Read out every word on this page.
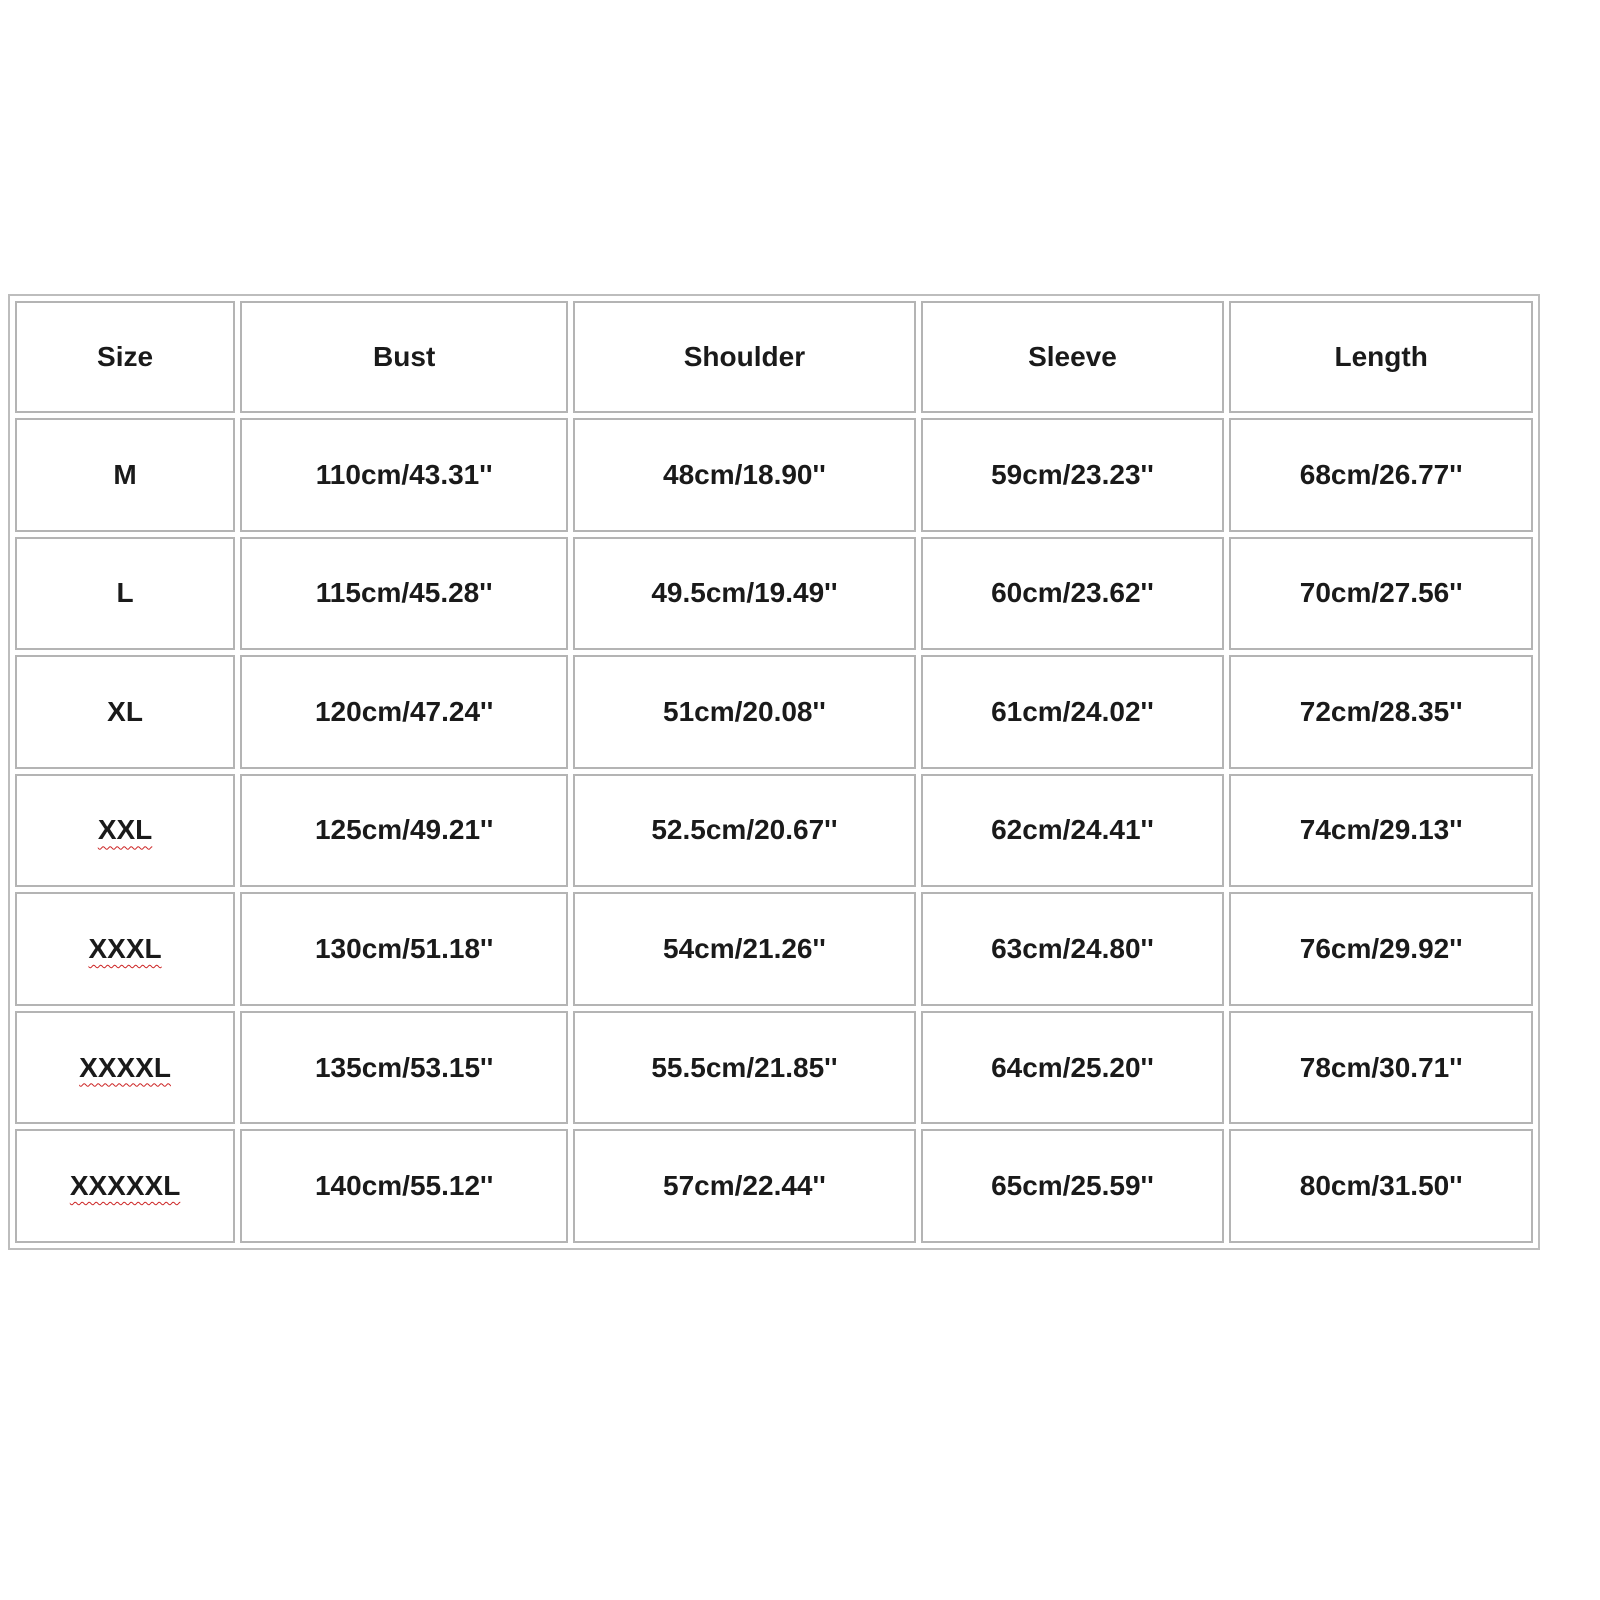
Size	Bust	Shoulder	Sleeve	Length
M	110cm/43.31''	48cm/18.90''	59cm/23.23''	68cm/26.77''
L	115cm/45.28''	49.5cm/19.49''	60cm/23.62''	70cm/27.56''
XL	120cm/47.24''	51cm/20.08''	61cm/24.02''	72cm/28.35''
XXL	125cm/49.21''	52.5cm/20.67''	62cm/24.41''	74cm/29.13''
XXXL	130cm/51.18''	54cm/21.26''	63cm/24.80''	76cm/29.92''
XXXXL	135cm/53.15''	55.5cm/21.85''	64cm/25.20''	78cm/30.71''
XXXXXL	140cm/55.12''	57cm/22.44''	65cm/25.59''	80cm/31.50''
